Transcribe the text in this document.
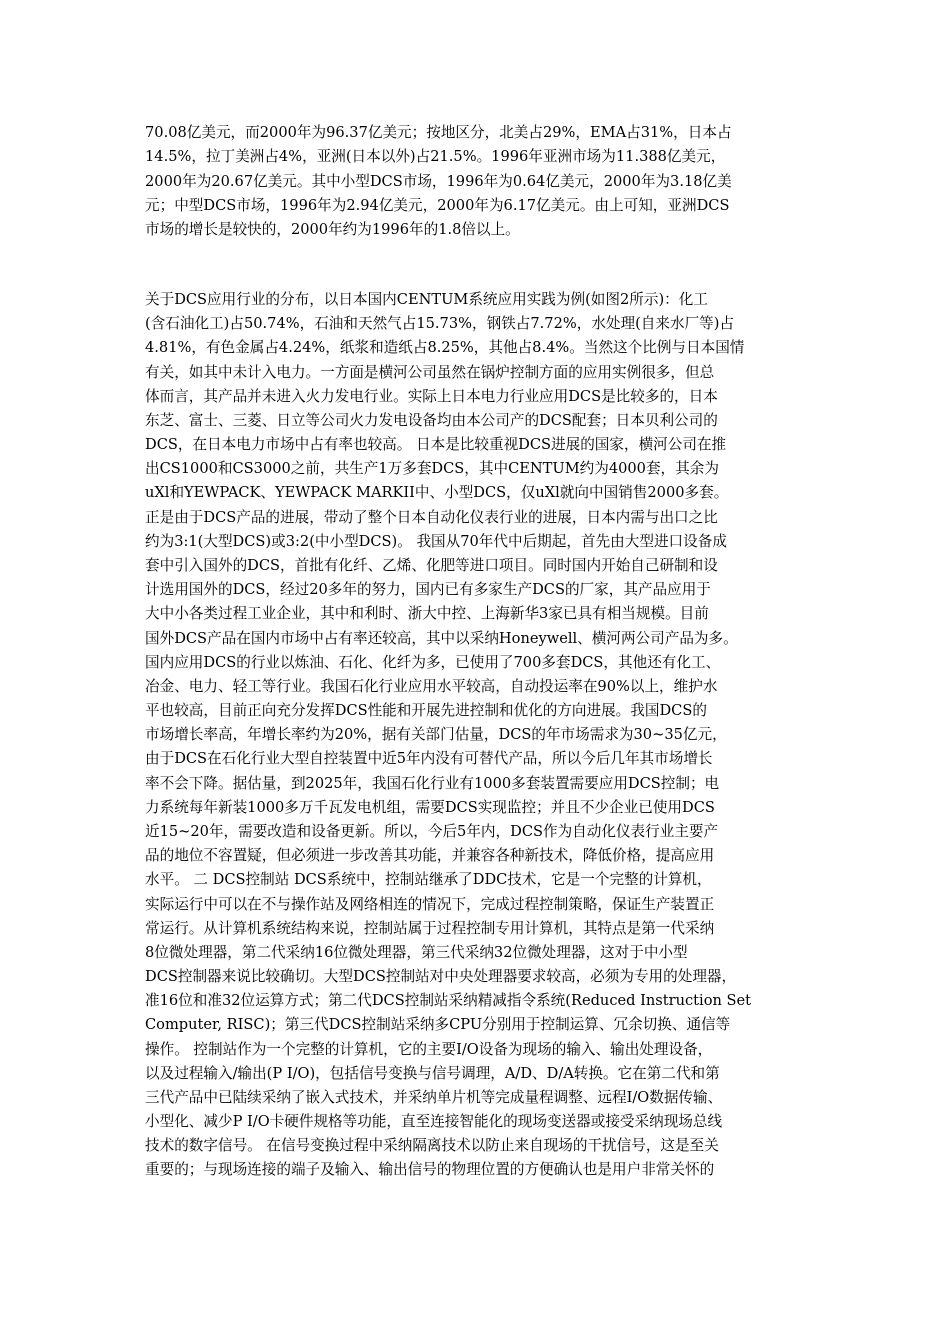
70.08亿美元，而2000年为96.37亿美元；按地区分，北美占29%，EMA占31%，日本占
14.5%，拉丁美洲占4%，亚洲(日本以外)占21.5%。1996年亚洲市场为11.388亿美元，
2000年为20.67亿美元。其中小型DCS市场，1996年为0.64亿美元，2000年为3.18亿美
元；中型DCS市场，1996年为2.94亿美元，2000年为6.17亿美元。由上可知，亚洲DCS
市场的增长是较快的，2000年约为1996年的1.8倍以上。
关于DCS应用行业的分布，以日本国内CENTUM系统应用实践为例(如图2所示)：化工
(含石油化工)占50.74%，石油和天然气占15.73%，钢铁占7.72%，水处理(自来水厂等)占
4.81%，有色金属占4.24%，纸浆和造纸占8.25%，其他占8.4%。当然这个比例与日本国情
有关，如其中未计入电力。一方面是横河公司虽然在锅炉控制方面的应用实例很多，但总
体而言，其产品并未进入火力发电行业。实际上日本电力行业应用DCS是比较多的，日本
东芝、富士、三菱、日立等公司火力发电设备均由本公司产的DCS配套；日本贝利公司的
DCS，在日本电力市场中占有率也较高。 日本是比较重视DCS进展的国家，横河公司在推
出CS1000和CS3000之前，共生产1万多套DCS，其中CENTUM约为4000套，其余为
uXl和YEWPACK、YEWPACK MARKII中、小型DCS，仅uXl就向中国销售2000多套。
正是由于DCS产品的进展，带动了整个日本自动化仪表行业的进展，日本内需与出口之比
约为3:1(大型DCS)或3:2(中小型DCS)。 我国从70年代中后期起，首先由大型进口设备成
套中引入国外的DCS，首批有化纤、乙烯、化肥等进口项目。同时国内开始自己研制和设
计选用国外的DCS，经过20多年的努力，国内已有多家生产DCS的厂家，其产品应用于
大中小各类过程工业企业，其中和利时、浙大中控、上海新华3家已具有相当规模。目前
国外DCS产品在国内市场中占有率还较高，其中以采纳Honeywell、横河两公司产品为多。
国内应用DCS的行业以炼油、石化、化纤为多，已使用了700多套DCS，其他还有化工、
冶金、电力、轻工等行业。我国石化行业应用水平较高，自动投运率在90%以上，维护水
平也较高，目前正向充分发挥DCS性能和开展先进控制和优化的方向进展。我国DCS的
市场增长率高，年增长率约为20%，据有关部门估量，DCS的年市场需求为30~35亿元，
由于DCS在石化行业大型自控装置中近5年内没有可替代产品，所以今后几年其市场增长
率不会下降。据估量，到2025年，我国石化行业有1000多套装置需要应用DCS控制；电
力系统每年新装1000多万千瓦发电机组，需要DCS实现监控；并且不少企业已使用DCS
近15~20年，需要改造和设备更新。所以，今后5年内，DCS作为自动化仪表行业主要产
品的地位不容置疑，但必须进一步改善其功能，并兼容各种新技术，降低价格，提高应用
水平。 二 DCS控制站 DCS系统中，控制站继承了DDC技术，它是一个完整的计算机，
实际运行中可以在不与操作站及网络相连的情况下，完成过程控制策略，保证生产装置正
常运行。从计算机系统结构来说，控制站属于过程控制专用计算机，其特点是第一代采纳
8位微处理器，第二代采纳16位微处理器，第三代采纳32位微处理器，这对于中小型
DCS控制器来说比较确切。大型DCS控制站对中央处理器要求较高，必须为专用的处理器，
准16位和准32位运算方式；第二代DCS控制站采纳精减指令系统(Reduced Instruction Set
Computer, RISC)；第三代DCS控制站采纳多CPU分别用于控制运算、冗余切换、通信等
操作。 控制站作为一个完整的计算机，它的主要I/O设备为现场的输入、输出处理设备，
以及过程输入/输出(P I/O)，包括信号变换与信号调理，A/D、D/A转换。它在第二代和第
三代产品中已陆续采纳了嵌入式技术，并采纳单片机等完成量程调整、远程I/O数据传输、
小型化、减少P I/O卡硬件规格等功能，直至连接智能化的现场变送器或接受采纳现场总线
技术的数字信号。 在信号变换过程中采纳隔离技术以防止来自现场的干扰信号，这是至关
重要的；与现场连接的端子及输入、输出信号的物理位置的方便确认也是用户非常关怀的
